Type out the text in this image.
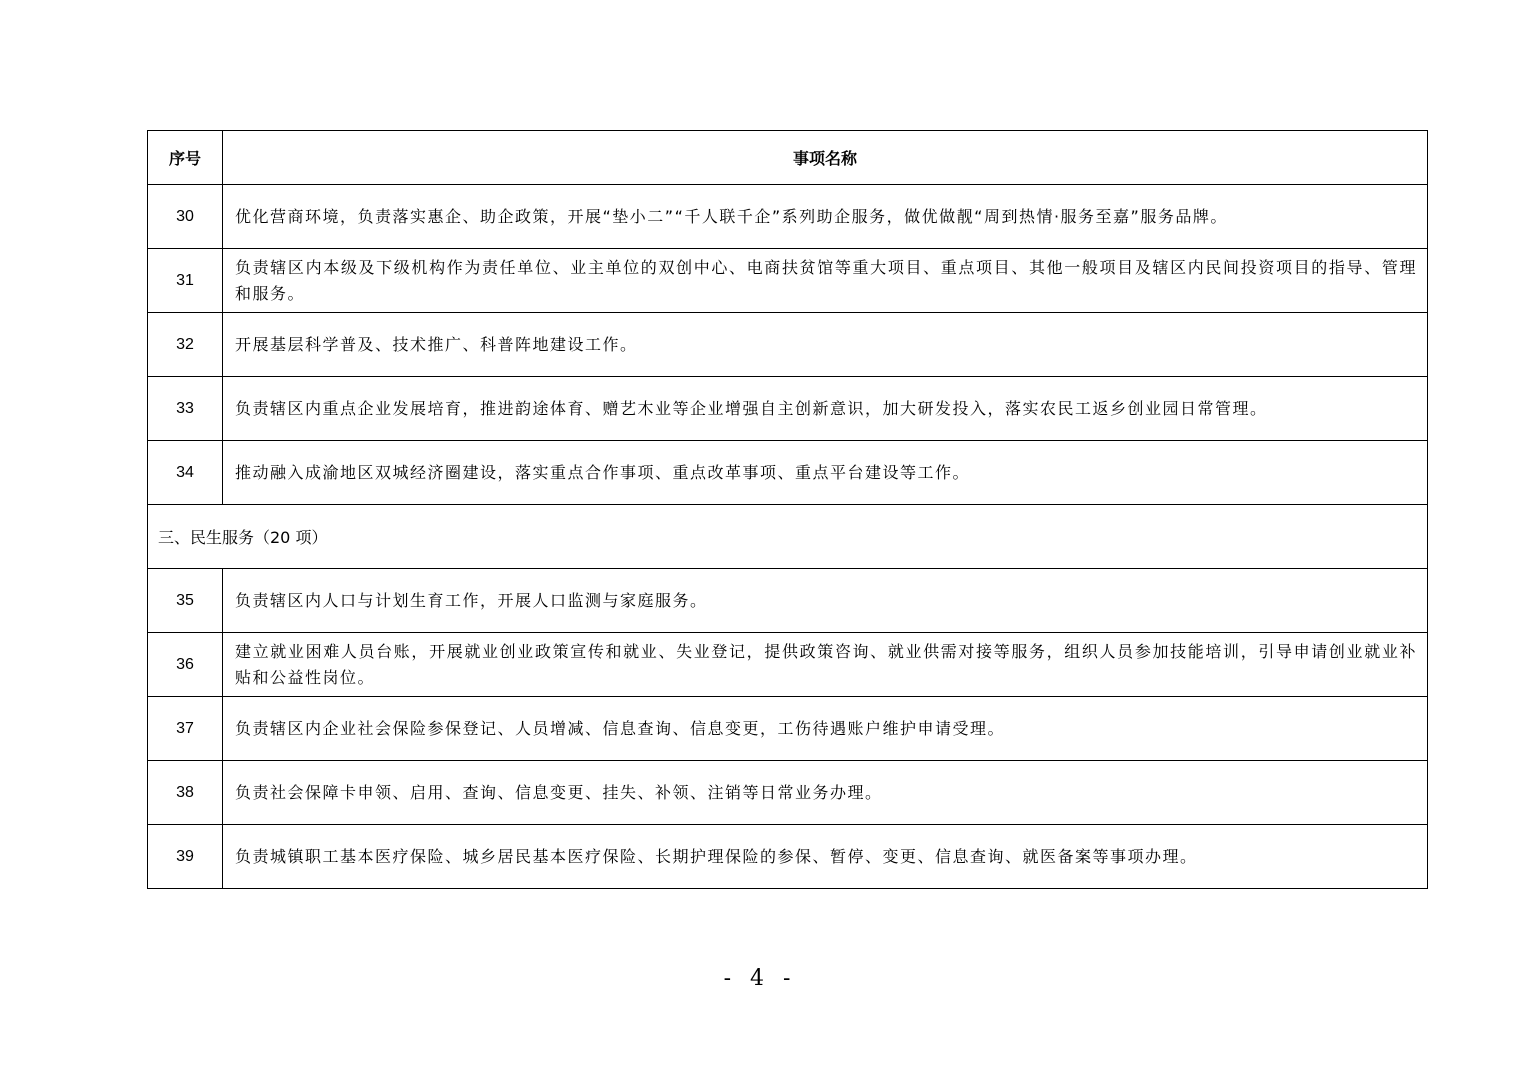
序号	事项名称
30	优化营商环境，负责落实惠企、助企政策，开展“垫小二”“千人联千企”系列助企服务，做优做靓“周到热情·服务至嘉”服务品牌。
31	负责辖区内本级及下级机构作为责任单位、业主单位的双创中心、电商扶贫馆等重大项目、重点项目、其他一般项目及辖区内民间投资项目的指导、管理和服务。
32	开展基层科学普及、技术推广、科普阵地建设工作。
33	负责辖区内重点企业发展培育，推进韵途体育、赠艺木业等企业增强自主创新意识，加大研发投入，落实农民工返乡创业园日常管理。
34	推动融入成渝地区双城经济圈建设，落实重点合作事项、重点改革事项、重点平台建设等工作。
三、民生服务（20 项）	
35	负责辖区内人口与计划生育工作，开展人口监测与家庭服务。
36	建立就业困难人员台账，开展就业创业政策宣传和就业、失业登记，提供政策咨询、就业供需对接等服务，组织人员参加技能培训，引导申请创业就业补贴和公益性岗位。
37	负责辖区内企业社会保险参保登记、人员增减、信息查询、信息变更，工伤待遇账户维护申请受理。
38	负责社会保障卡申领、启用、查询、信息变更、挂失、补领、注销等日常业务办理。
39	负责城镇职工基本医疗保险、城乡居民基本医疗保险、长期护理保险的参保、暂停、变更、信息查询、就医备案等事项办理。
- 4 -
